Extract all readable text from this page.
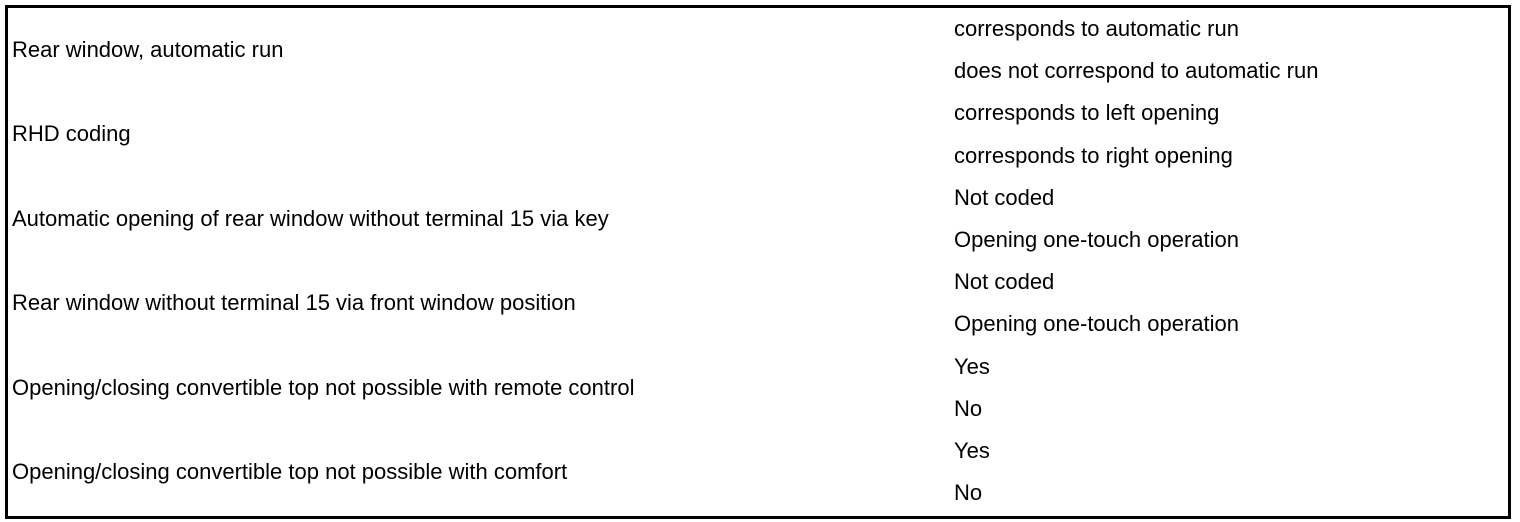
Rear window, automatic run
corresponds to automatic run
does not correspond to automatic run
RHD coding
corresponds to left opening
corresponds to right opening
Automatic opening of rear window without terminal 15 via key
Not coded
Opening one-touch operation
Rear window without terminal 15 via front window position
Not coded
Opening one-touch operation
Opening/closing convertible top not possible with remote control
Yes
No
Opening/closing convertible top not possible with comfort
Yes
No
